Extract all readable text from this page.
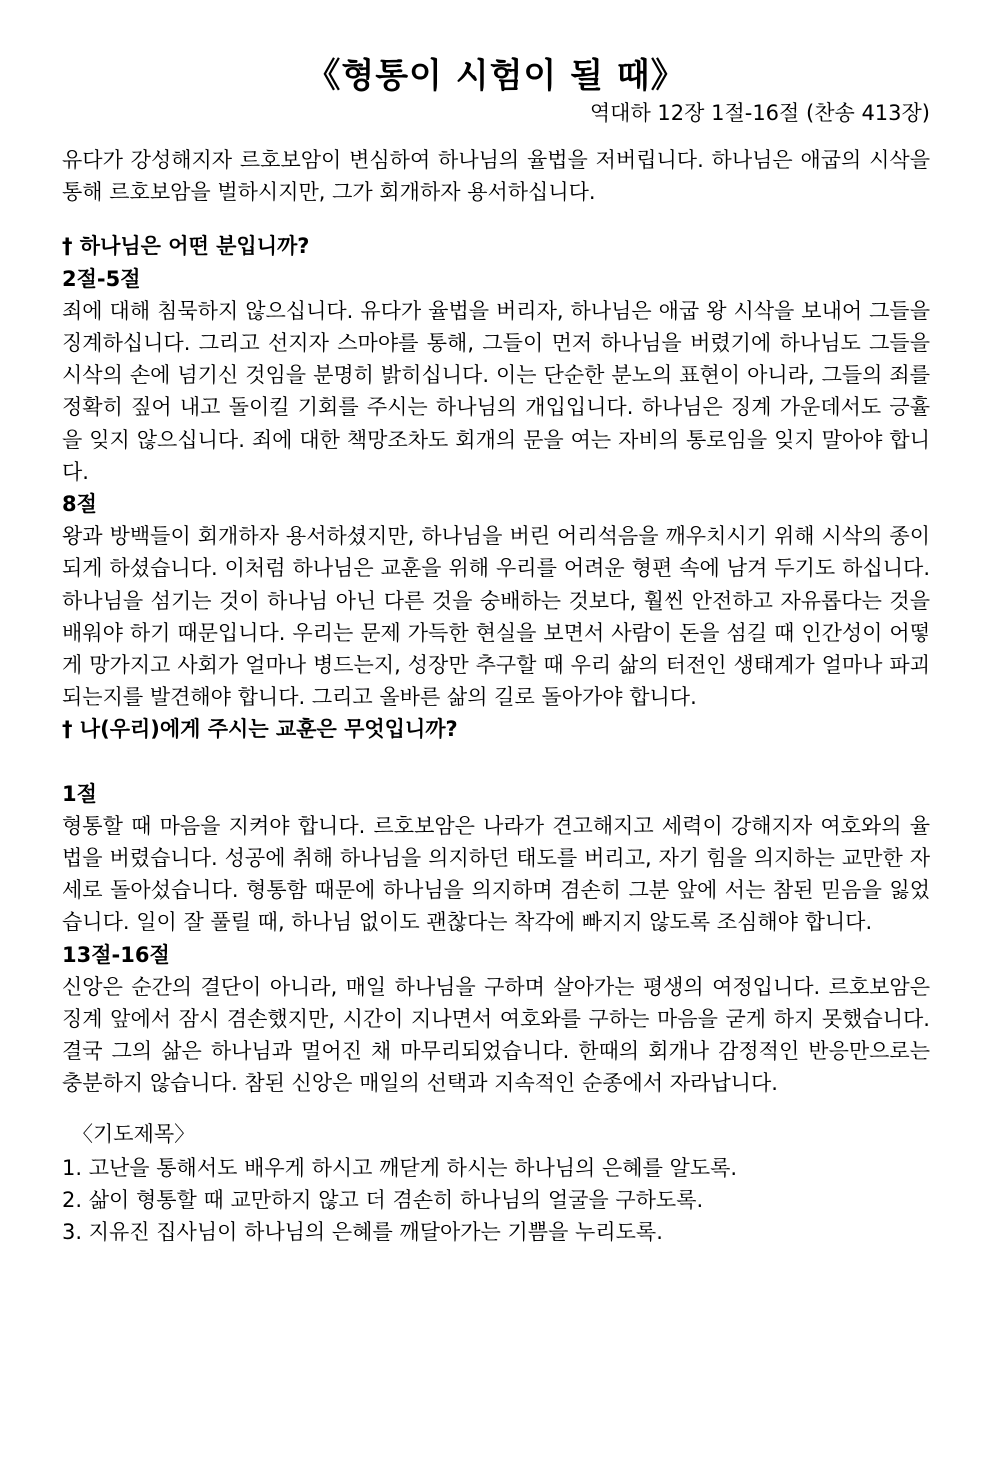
《형통이 시험이 될 때》
역대하 12장 1절-16절 (찬송 413장)

유다가 강성해지자 르호보암이 변심하여 하나님의 율법을 저버립니다. 하나님은 애굽의 시삭을 통해 르호보암을 벌하시지만, 그가 회개하자 용서하십니다.

† 하나님은 어떤 분입니까?
2절-5절

죄에 대해 침묵하지 않으십니다. 유다가 율법을 버리자, 하나님은 애굽 왕 시삭을 보내어 그들을 징계하십니다. 그리고 선지자 스마야를 통해, 그들이 먼저 하나님을 버렸기에 하나님도 그들을 시삭의 손에 넘기신 것임을 분명히 밝히십니다. 이는 단순한 분노의 표현이 아니라, 그들의 죄를 정확히 짚어 내고 돌이킬 기회를 주시는 하나님의 개입입니다. 하나님은 징계 가운데서도 긍휼을 잊지 않으십니다. 죄에 대한 책망조차도 회개의 문을 여는 자비의 통로임을 잊지 말아야 합니다.

8절

왕과 방백들이 회개하자 용서하셨지만, 하나님을 버린 어리석음을 깨우치시기 위해 시삭의 종이 되게 하셨습니다. 이처럼 하나님은 교훈을 위해 우리를 어려운 형편 속에 남겨 두기도 하십니다. 하나님을 섬기는 것이 하나님 아닌 다른 것을 숭배하는 것보다, 훨씬 안전하고 자유롭다는 것을 배워야 하기 때문입니다. 우리는 문제 가득한 현실을 보면서 사람이 돈을 섬길 때 인간성이 어떻게 망가지고 사회가 얼마나 병드는지, 성장만 추구할 때 우리 삶의 터전인 생태계가 얼마나 파괴되는지를 발견해야 합니다. 그리고 올바른 삶의 길로 돌아가야 합니다.

† 나(우리)에게 주시는 교훈은 무엇입니까?
1절

형통할 때 마음을 지켜야 합니다. 르호보암은 나라가 견고해지고 세력이 강해지자 여호와의 율법을 버렸습니다. 성공에 취해 하나님을 의지하던 태도를 버리고, 자기 힘을 의지하는 교만한 자세로 돌아섰습니다. 형통함 때문에 하나님을 의지하며 겸손히 그분 앞에 서는 참된 믿음을 잃었습니다. 일이 잘 풀릴 때, 하나님 없이도 괜찮다는 착각에 빠지지 않도록 조심해야 합니다.

13절-16절

신앙은 순간의 결단이 아니라, 매일 하나님을 구하며 살아가는 평생의 여정입니다. 르호보암은 징계 앞에서 잠시 겸손했지만, 시간이 지나면서 여호와를 구하는 마음을 굳게 하지 못했습니다. 결국 그의 삶은 하나님과 멀어진 채 마무리되었습니다. 한때의 회개나 감정적인 반응만으로는 충분하지 않습니다. 참된 신앙은 매일의 선택과 지속적인 순종에서 자라납니다.

〈기도제목〉
1. 고난을 통해서도 배우게 하시고 깨닫게 하시는 하나님의 은혜를 알도록.
2. 삶이 형통할 때 교만하지 않고 더 겸손히 하나님의 얼굴을 구하도록.
3. 지유진 집사님이 하나님의 은혜를 깨달아가는 기쁨을 누리도록.
